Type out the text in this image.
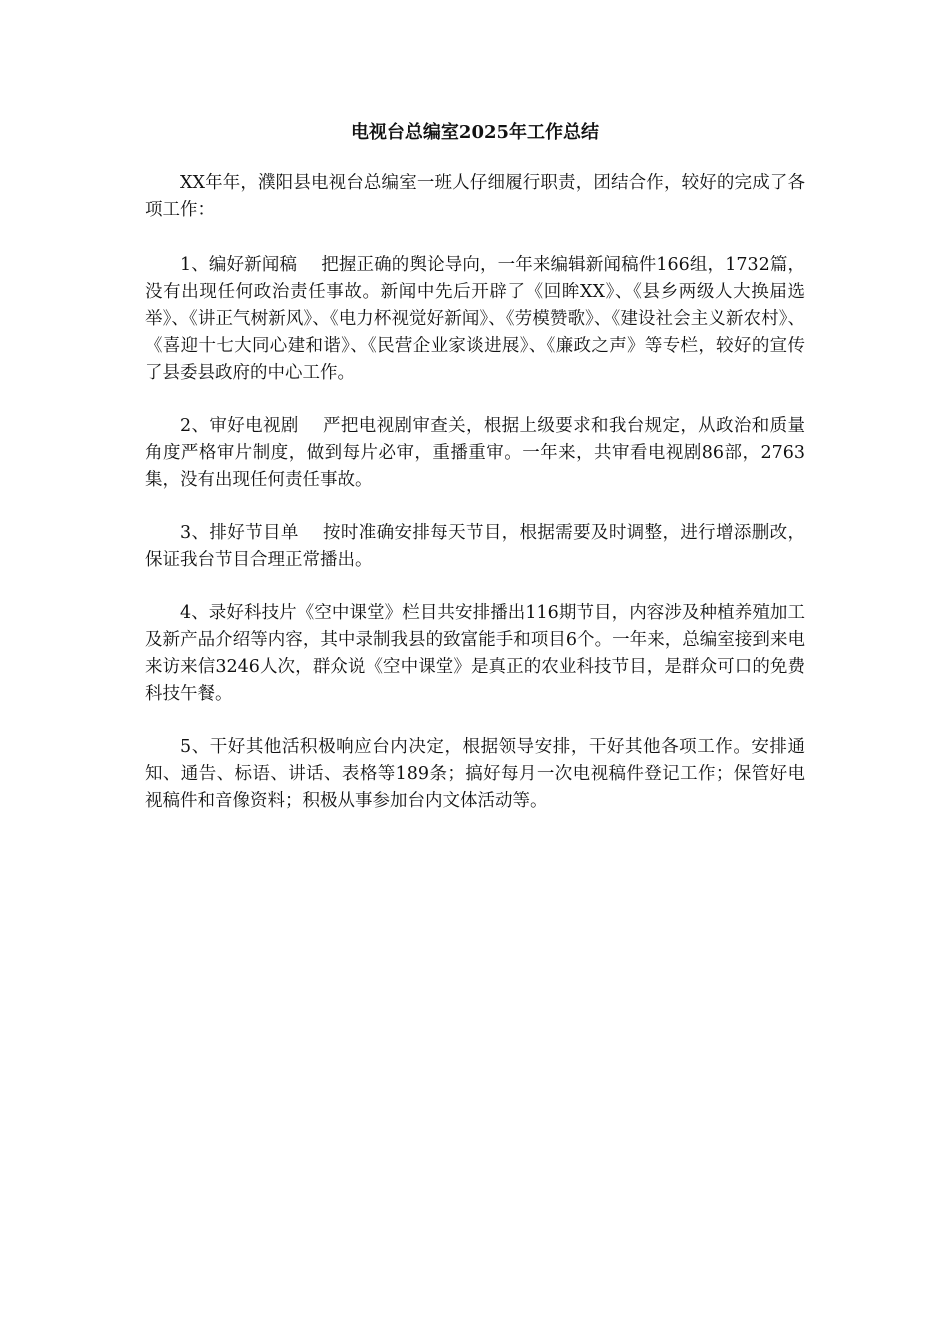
电视台总编室2025年工作总结

XX年年，濮阳县电视台总编室一班人仔细履行职责，团结合作，较好的完成了各项工作：

1、编好新闻稿 把握正确的舆论导向，一年来编辑新闻稿件166组，1732篇，没有出现任何政治责任事故。新闻中先后开辟了《回眸XX》、《县乡两级人大换届选举》、《讲正气树新风》、《电力杯视觉好新闻》、《劳模赞歌》、《建设社会主义新农村》、《喜迎十七大同心建和谐》、《民营企业家谈进展》、《廉政之声》等专栏，较好的宣传了县委县政府的中心工作。

2、审好电视剧 严把电视剧审查关，根据上级要求和我台规定，从政治和质量角度严格审片制度，做到每片必审，重播重审。一年来，共审看电视剧86部，2763集，没有出现任何责任事故。

3、排好节目单 按时准确安排每天节目，根据需要及时调整，进行增添删改，保证我台节目合理正常播出。

4、录好科技片《空中课堂》栏目共安排播出116期节目，内容涉及种植养殖加工及新产品介绍等内容，其中录制我县的致富能手和项目6个。一年来，总编室接到来电来访来信3246人次，群众说《空中课堂》是真正的农业科技节目，是群众可口的免费科技午餐。

5、干好其他活积极响应台内决定，根据领导安排，干好其他各项工作。安排通知、通告、标语、讲话、表格等189条；搞好每月一次电视稿件登记工作；保管好电视稿件和音像资料；积极从事参加台内文体活动等。
